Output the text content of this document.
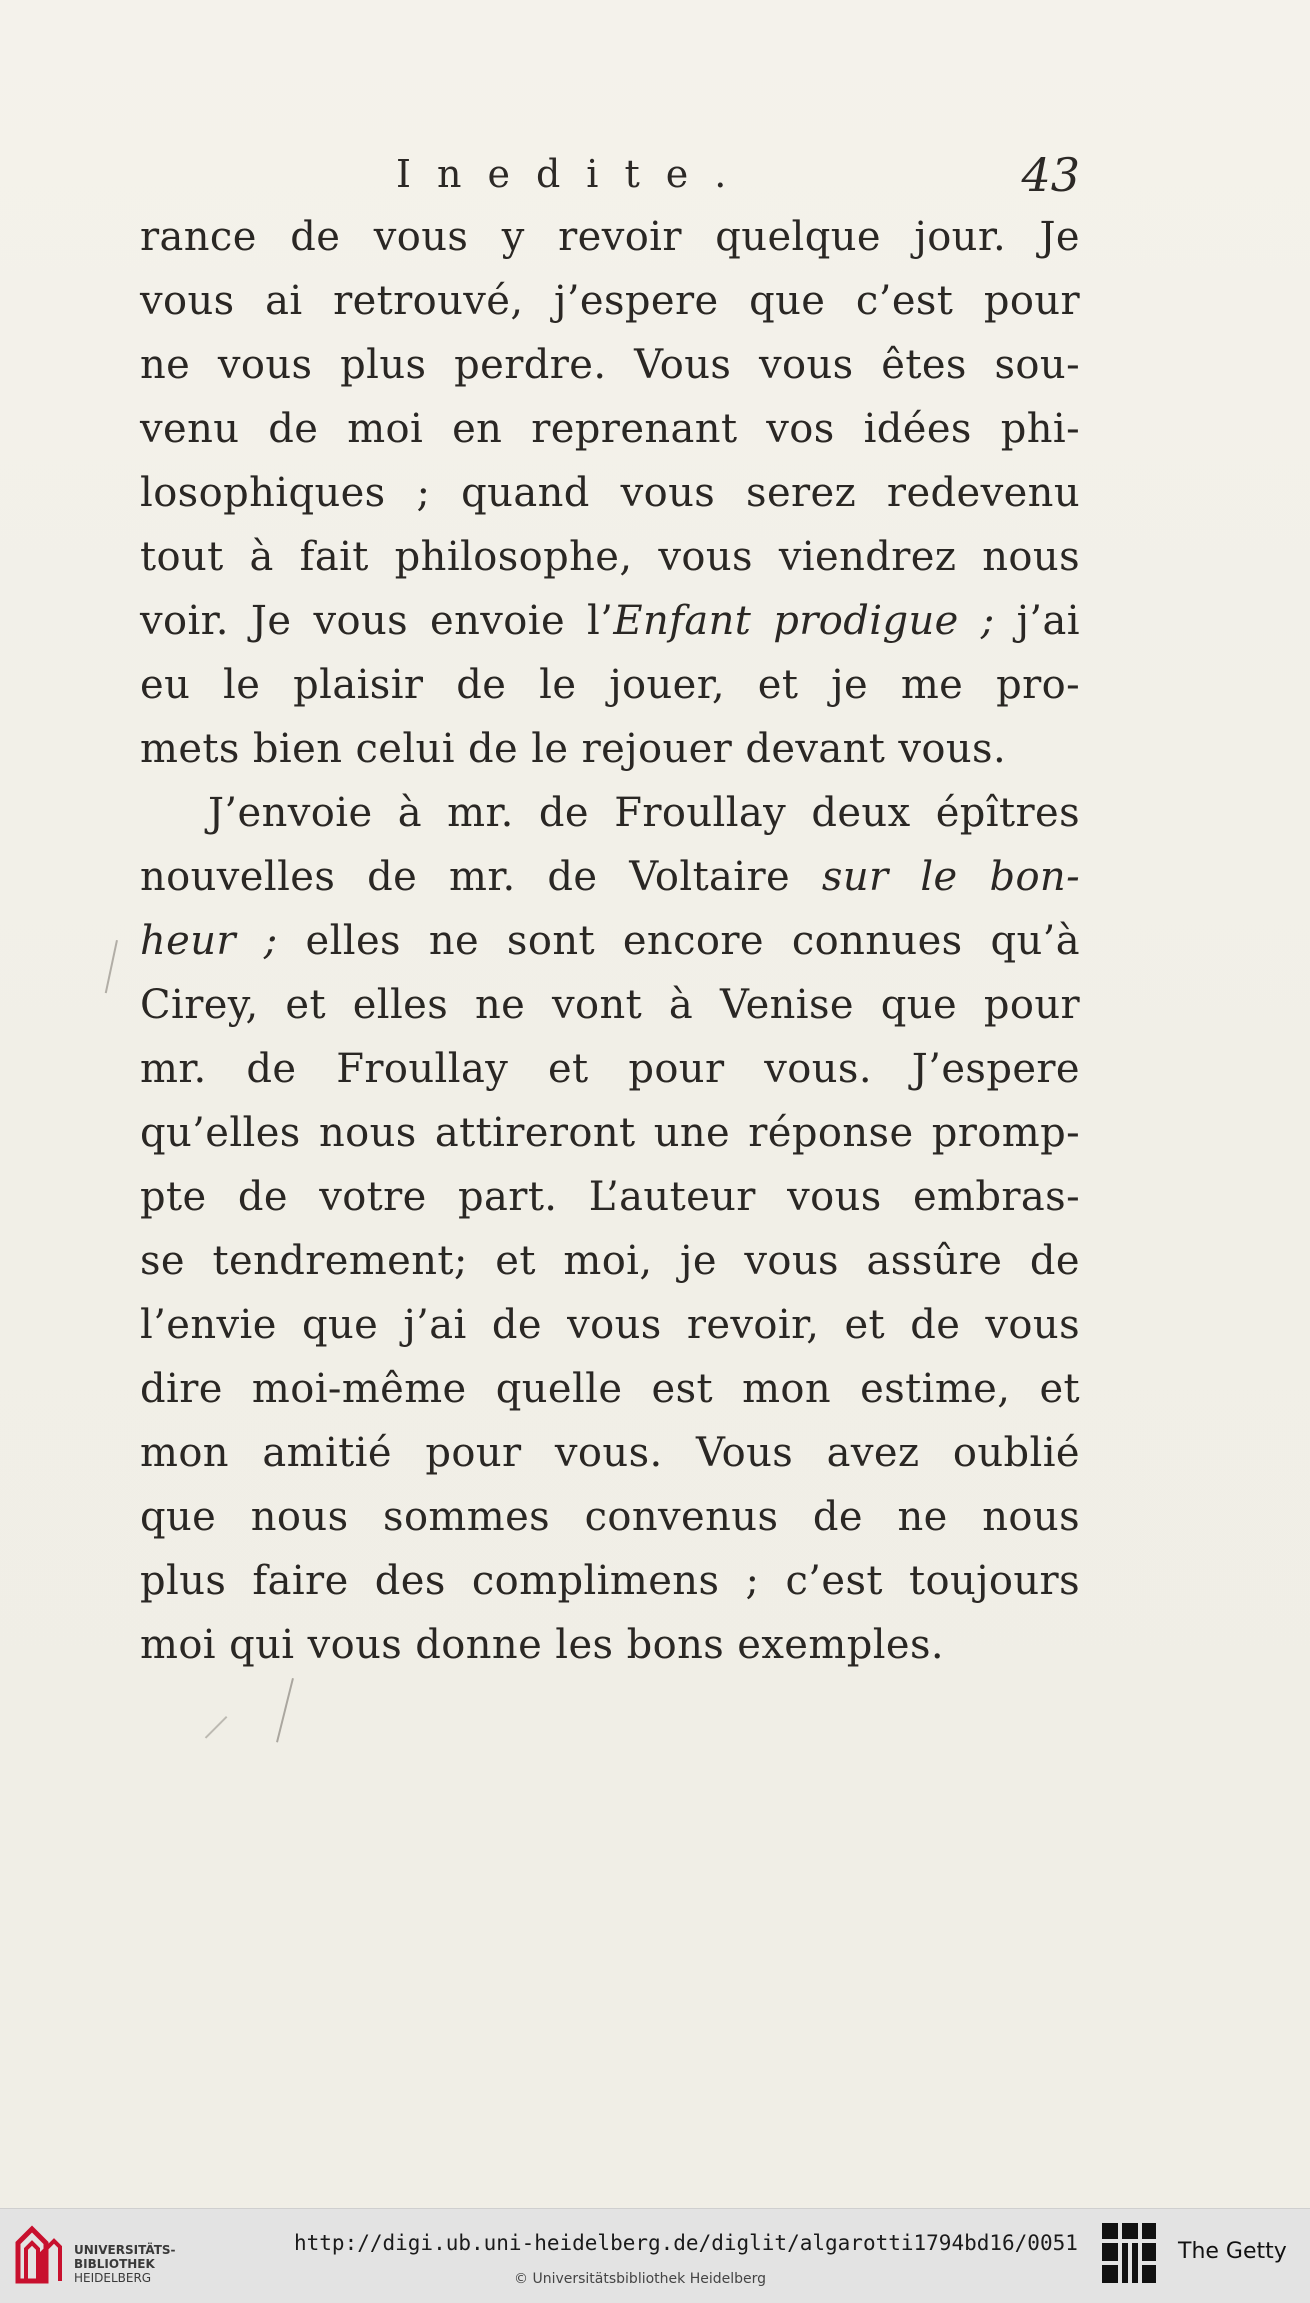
Inedite.	43
rance de vous y revoir quelque jour. Je
vous ai retrouvé, j’espere que c’est pour
ne vous plus perdre. Vous vous êtes sou-
venu de moi en reprenant vos idées phi-
losophiques ; quand vous serez redevenu
tout à fait philosophe, vous viendrez nous
voir. Je vous envoie l’Enfant prodigue ; j’ai
eu le plaisir de le jouer, et je me pro-
mets bien celui de le rejouer devant vous.
J’envoie à mr. de Froullay deux épîtres
nouvelles de mr. de Voltaire sur le bon-
heur ; elles ne sont encore connues qu’à
Cirey, et elles ne vont à Venise que pour
mr. de Froullay et pour vous. J’espere
qu’elles nous attireront une réponse promp-
pte de votre part. L’auteur vous embras-
se tendrement; et moi, je vous assûre de
l’envie que j’ai de vous revoir, et de vous
dire moi-même quelle est mon estime, et
mon amitié pour vous. Vous avez oublié
que nous sommes convenus de ne nous
plus faire des complimens ; c’est toujours
moi qui vous donne les bons exemples.
UNIVERSITÄTS-
BIBLIOTHEK
HEIDELBERG
http://digi.ub.uni-heidelberg.de/diglit/algarotti1794bd16/0051
© Universitätsbibliothek Heidelberg
The Getty
